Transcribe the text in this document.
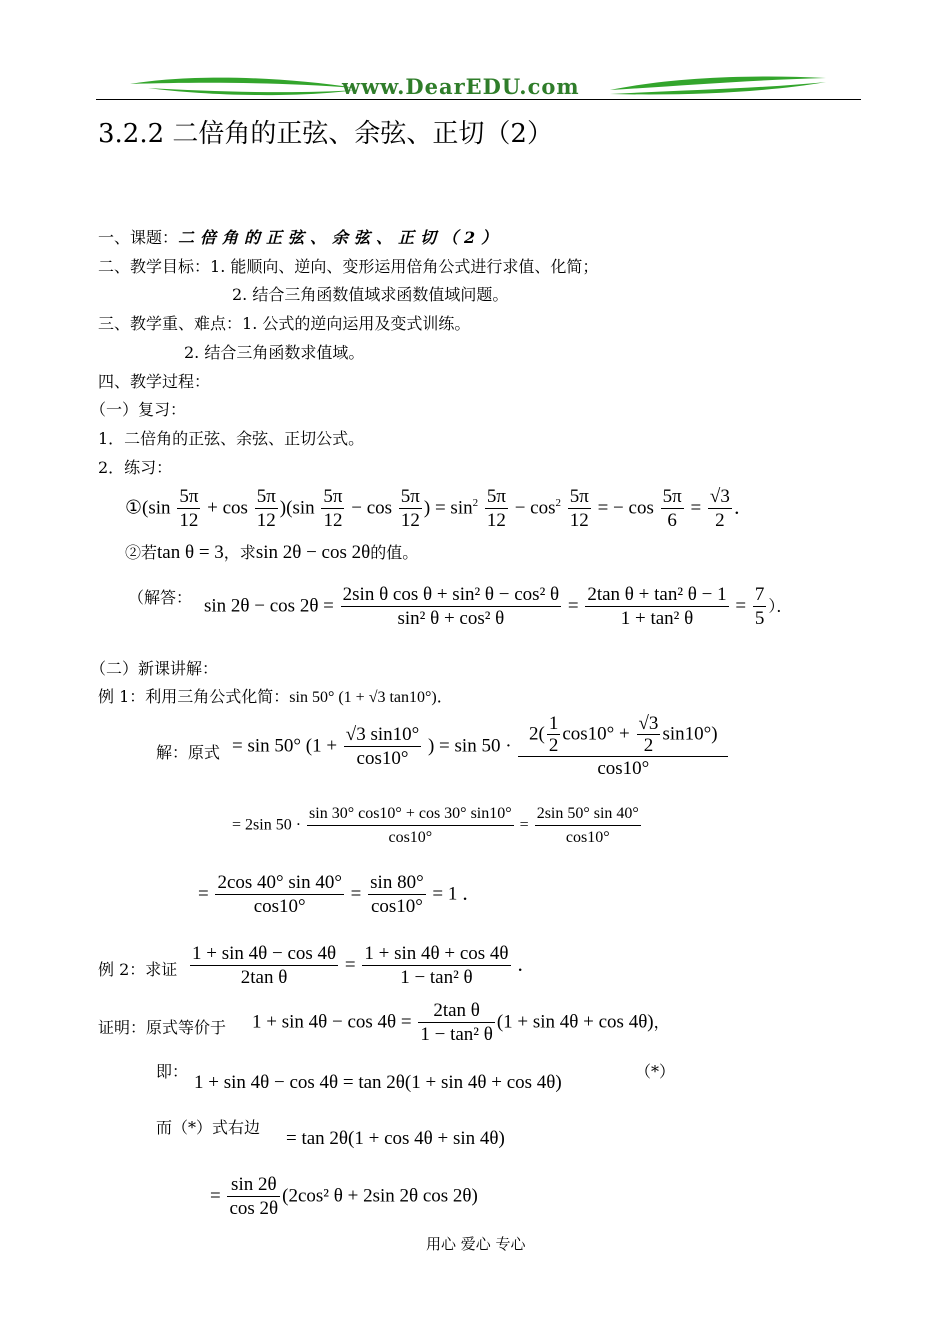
www.DearEDU.com
3.2.2 二倍角的正弦、余弦、正切（2）
一、课题：二倍角的正弦、余弦、正切（2）
二、教学目标：1. 能顺向、逆向、变形运用倍角公式进行求值、化简；
2. 结合三角函数值域求函数值域问题。
三、教学重、难点：1. 公式的逆向运用及变式训练。
2. 结合三角函数求值域。
四、教学过程：
（一）复习：
1．二倍角的正弦、余弦、正切公式。
2．练习：
①(sin $\frac{5\pi}{12} + \cos \frac{5\pi}{12} )(\sin \frac{5\pi}{12} - \cos \frac{5\pi}{12}$ ) = $\sin^2 \frac{5\pi}{12} - \cos^2 \frac{5\pi}{12}$ = − $\cos \frac{5\pi}{6} = \frac{√3}{2}$ ．
②若tan θ = 3，求sin 2θ − cos 2θ的值。
（解答： $\sin 2\theta - \cos 2\theta = \frac{\text{2sin θ cos θ + sin² θ − cos² θ}}{\text{sin² θ + cos² θ}} = \frac{\text{2tan θ + tan² θ − 1}}{\text{1 + tan² θ}} = \frac{7}{5}$ ）．
（二）新课讲解：
例 1：利用三角公式化简：sin 50° (1 + √3 tan10°)．
解：原式 = sin 50° ($1 + \frac{√3 \sin 10^\circ}{\cos 10^\circ}$ ) = $\sin 50 \cdot \frac{2( \frac{1}{2} \cos 10^\circ + \frac{√3}{2} \sin 10^\circ)}{\cos 10^\circ}$
= 2sin $50 \cdot \frac{\sin 30^\circ \cos 10^\circ + \cos 30^\circ \sin 10^\circ}{\cos 10^\circ} = \frac{2\sin 50^\circ \sin 40^\circ}{\cos 10^\circ}$
= $\frac{2\cos 40^\circ \sin 40^\circ}{\cos 10^\circ} = \frac{\sin 80^\circ}{\cos 10^\circ} = 1$ ．
例 2：求证 $\frac{1 + \sin 4\theta - \cos 4\theta}{\text{2tan θ}} = \frac{1 + \sin 4\theta + \cos 4\theta}{\text{1 − tan² θ}}$ ．
证明：原式等价于 $1 + \sin 4\theta - \cos 4\theta = \frac{\text{2tan θ}}{\text{1 − tan² θ}} (1 + \sin 4\theta + \cos 4\theta)$，
即：
1 + sin 4θ − cos 4θ = tan 2θ(1 + sin 4θ + cos 4θ)
（*）
而（*）式右边
= tan 2θ(1 + cos 4θ + sin 4θ)
= $\frac{\sin 2\theta}{\cos 2\theta} (2\cos^2$ θ + 2sin 2θ cos 2θ)
用心 爱心 专心
